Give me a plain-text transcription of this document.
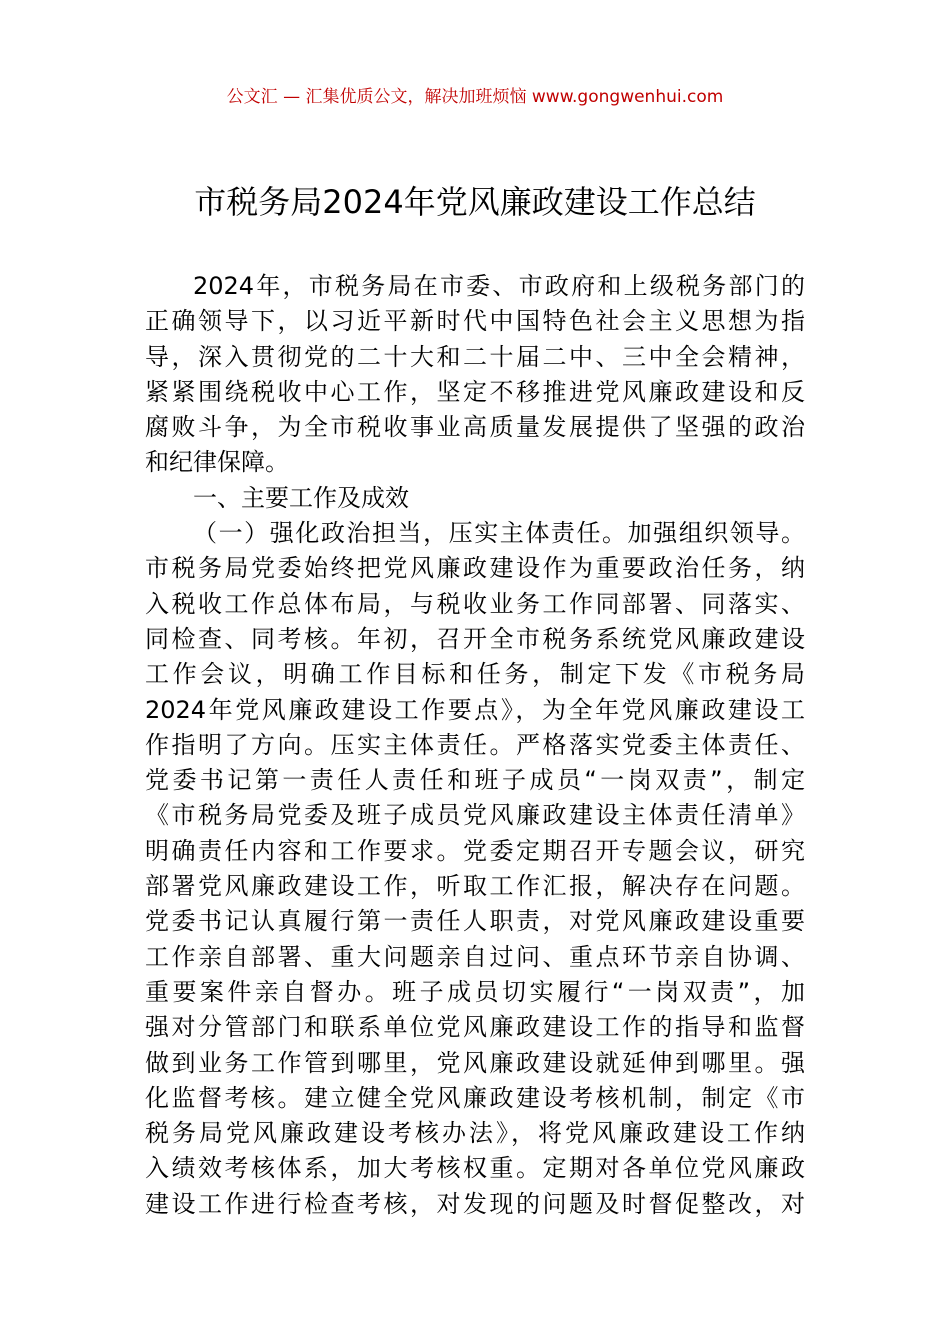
公文汇 — 汇集优质公文，解决加班烦恼 www.gongwenhui.com
市税务局2024年党风廉政建设工作总结
2024年，市税务局在市委、市政府和上级税务部门的
正确领导下，以习近平新时代中国特色社会主义思想为指
导，深入贯彻党的二十大和二十届二中、三中全会精神，
紧紧围绕税收中心工作，坚定不移推进党风廉政建设和反
腐败斗争，为全市税收事业高质量发展提供了坚强的政治
和纪律保障。
一、主要工作及成效
（一）强化政治担当，压实主体责任。加强组织领导。
市税务局党委始终把党风廉政建设作为重要政治任务，纳
入税收工作总体布局，与税收业务工作同部署、同落实、
同检查、同考核。年初，召开全市税务系统党风廉政建设
工作会议，明确工作目标和任务，制定下发《市税务局
2024年党风廉政建设工作要点》，为全年党风廉政建设工
作指明了方向。压实主体责任。严格落实党委主体责任、
党委书记第一责任人责任和班子成员“一岗双责”，制定
《市税务局党委及班子成员党风廉政建设主体责任清单》
明确责任内容和工作要求。党委定期召开专题会议，研究
部署党风廉政建设工作，听取工作汇报，解决存在问题。
党委书记认真履行第一责任人职责，对党风廉政建设重要
工作亲自部署、重大问题亲自过问、重点环节亲自协调、
重要案件亲自督办。班子成员切实履行“一岗双责”，加
强对分管部门和联系单位党风廉政建设工作的指导和监督
做到业务工作管到哪里，党风廉政建设就延伸到哪里。强
化监督考核。建立健全党风廉政建设考核机制，制定《市
税务局党风廉政建设考核办法》，将党风廉政建设工作纳
入绩效考核体系，加大考核权重。定期对各单位党风廉政
建设工作进行检查考核，对发现的问题及时督促整改，对
